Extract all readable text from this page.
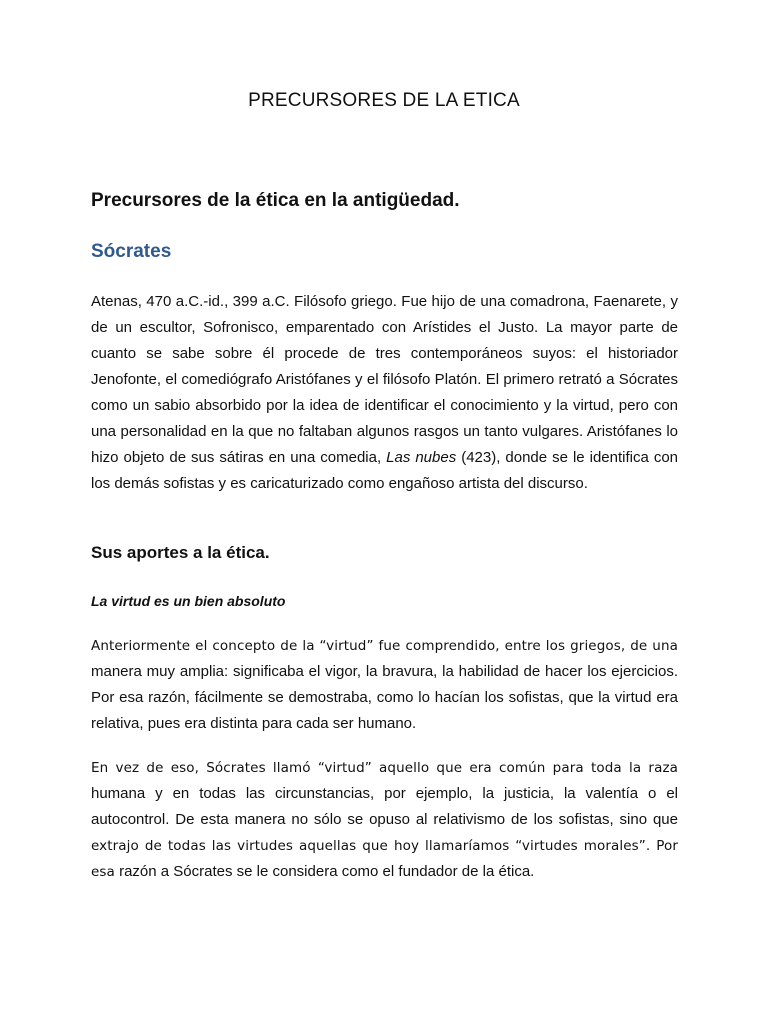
PRECURSORES DE LA ETICA
Precursores de la ética en la antigüedad.
Sócrates

Atenas, 470 a.C.-id., 399 a.C. Filósofo griego. Fue hijo de una comadrona, Faenarete, y de un escultor, Sofronisco, emparentado con Arístides el Justo. La mayor parte de cuanto se sabe sobre él procede de tres contemporáneos suyos: el historiador Jenofonte, el comediógrafo Aristófanes y el filósofo Platón. El primero retrató a Sócrates como un sabio absorbido por la idea de identificar el conocimiento y la virtud, pero con una personalidad en la que no faltaban algunos rasgos un tanto vulgares. Aristófanes lo hizo objeto de sus sátiras en una comedia, Las nubes (423), donde se le identifica con los demás sofistas y es caricaturizado como engañoso artista del discurso.

Sus aportes a la ética.
La virtud es un bien absoluto

Anteriormente el concepto de la “virtud” fue comprendido, entre los griegos, de una manera muy amplia: significaba el vigor, la bravura, la habilidad de hacer los ejercicios. Por esa razón, fácilmente se demostraba, como lo hacían los sofistas, que la virtud era relativa, pues era distinta para cada ser humano.

En vez de eso, Sócrates llamó “virtud” aquello que era común para toda la raza humana y en todas las circunstancias, por ejemplo, la justicia, la valentía o el autocontrol. De esta manera no sólo se opuso al relativismo de los sofistas, sino que extrajo de todas las virtudes aquellas que hoy llamaríamos “virtudes morales”. Por esa razón a Sócrates se le considera como el fundador de la ética.
